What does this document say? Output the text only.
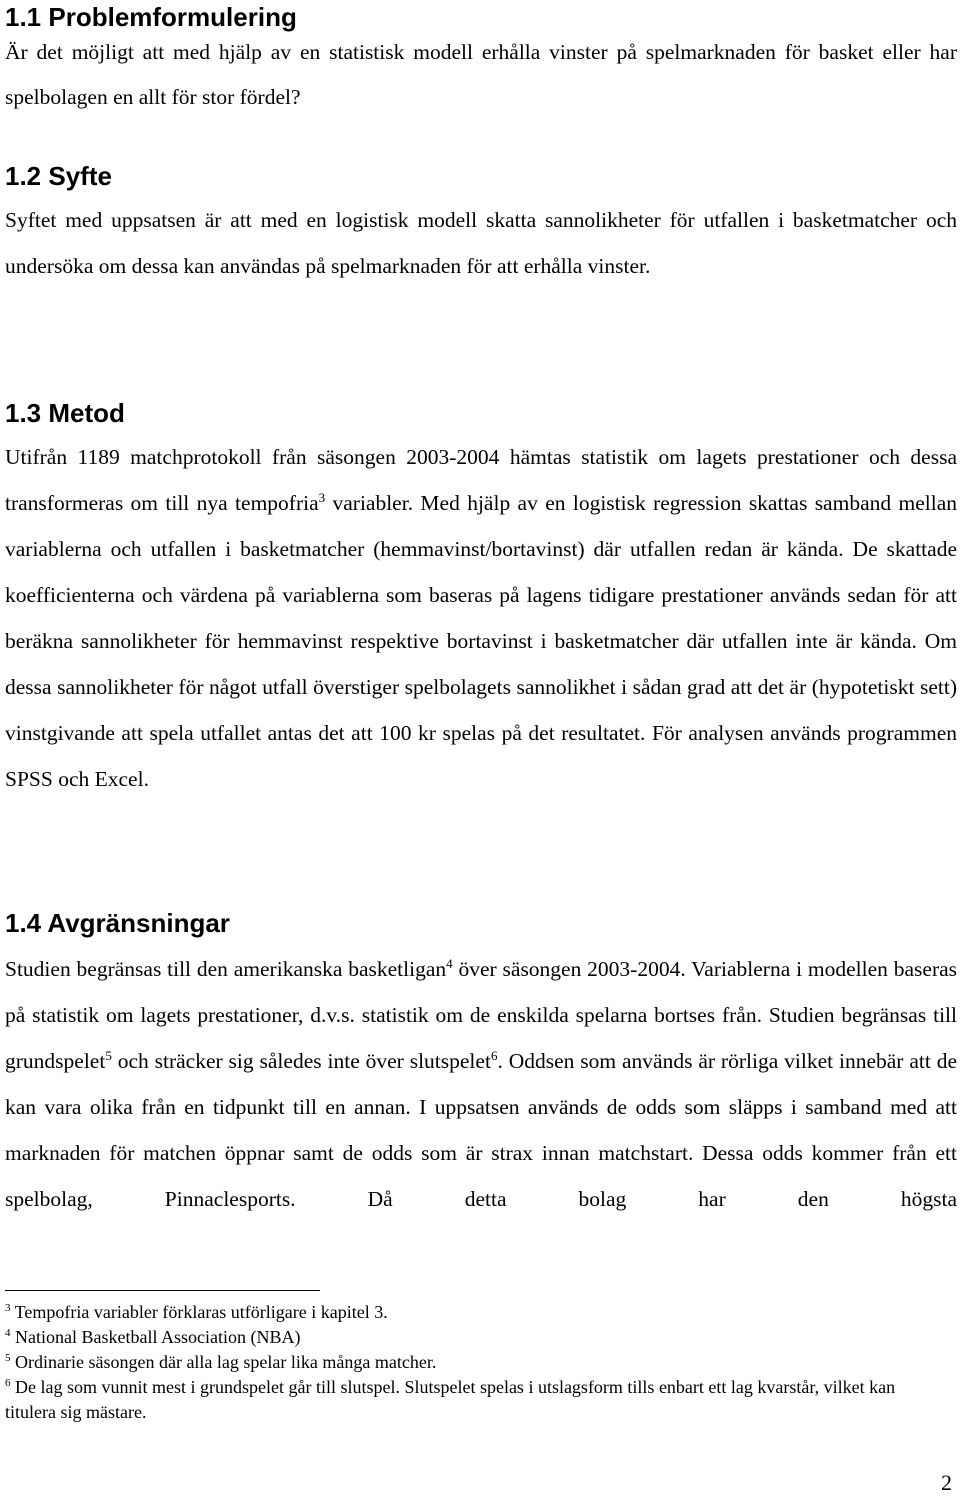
1.1 Problemformulering

Är det möjligt att med hjälp av en statistisk modell erhålla vinster på spelmarknaden för basket eller har spelbolagen en allt för stor fördel?

1.2 Syfte

Syftet med uppsatsen är att med en logistisk modell skatta sannolikheter för utfallen i basketmatcher och undersöka om dessa kan användas på spelmarknaden för att erhålla vinster.

1.3 Metod

Utifrån 1189 matchprotokoll från säsongen 2003-2004 hämtas statistik om lagets prestationer och dessa transformeras om till nya tempofria$^3$ variabler. Med hjälp av en logistisk regression skattas samband mellan variablerna och utfallen i basketmatcher (hemmavinst/bortavinst) där utfallen redan är kända. De skattade koefficienterna och värdena på variablerna som baseras på lagens tidigare prestationer används sedan för att beräkna sannolikheter för hemmavinst respektive bortavinst i basketmatcher där utfallen inte är kända. Om dessa sannolikheter för något utfall överstiger spelbolagets sannolikhet i sådan grad att det är (hypotetiskt sett) vinstgivande att spela utfallet antas det att 100 kr spelas på det resultatet. För analysen används programmen SPSS och Excel.

1.4 Avgränsningar

Studien begränsas till den amerikanska basketligan$^4$ över säsongen 2003-2004. Variablerna i modellen baseras på statistik om lagets prestationer, d.v.s. statistik om de enskilda spelarna bortses från. Studien begränsas till grundspelet$^5$ och sträcker sig således inte över slutspelet$^6$. Oddsen som används är rörliga vilket innebär att de kan vara olika från en tidpunkt till en annan. I uppsatsen används de odds som släpps i samband med att marknaden för matchen öppnar samt de odds som är strax innan matchstart. Dessa odds kommer från ett spelbolag, Pinnaclesports. Då detta bolag har den högsta

$^3$ Tempofria variabler förklaras utförligare i kapitel 3.

$^4$ National Basketball Association (NBA)

$^5$ Ordinarie säsongen där alla lag spelar lika många matcher.

$^6$ De lag som vunnit mest i grundspelet går till slutspel. Slutspelet spelas i utslagsform tills enbart ett lag kvarstår, vilket kan titulera sig mästare.

2
